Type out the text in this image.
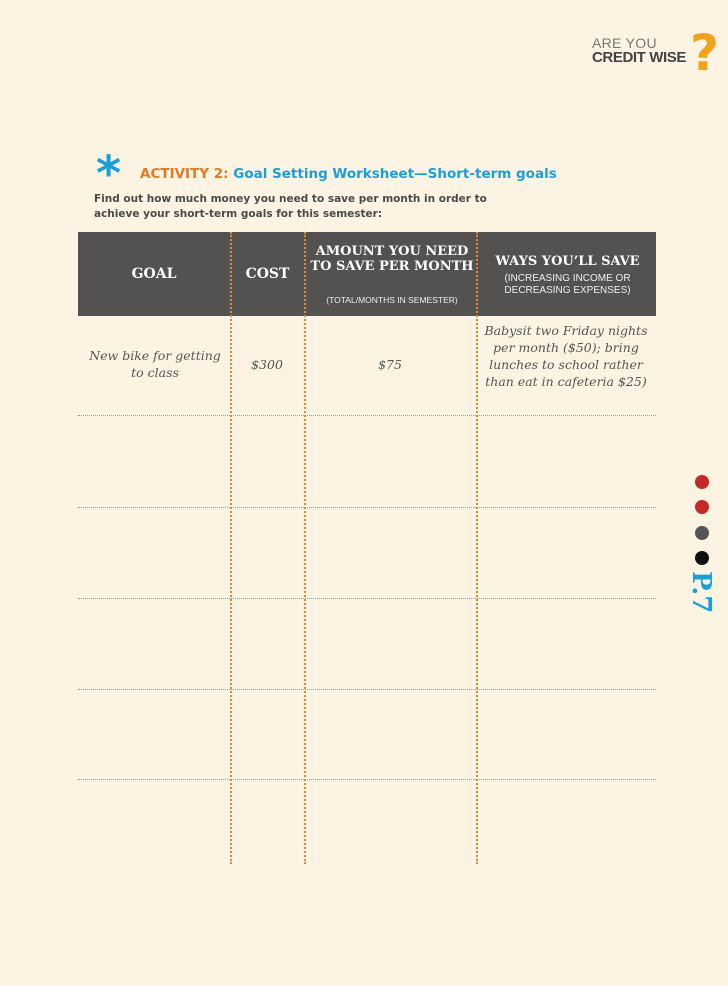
ARE YOU
CREDIT WISE ?
* ACTIVITY 2: Goal Setting Worksheet—Short-term goals
Find out how much money you need to save per month in order to achieve your short-term goals for this semester:
GOAL	COST
AMOUNT YOU NEED TO SAVE PER MONTH
(TOTAL/MONTHS IN SEMESTER)
WAYS YOU’LL SAVE
(INCREASING INCOME OR DECREASING EXPENSES)
New bike for getting to class
$300	$75
Babysit two Friday nights per month ($50); bring lunches to school rather than eat in cafeteria $25)
P.7
